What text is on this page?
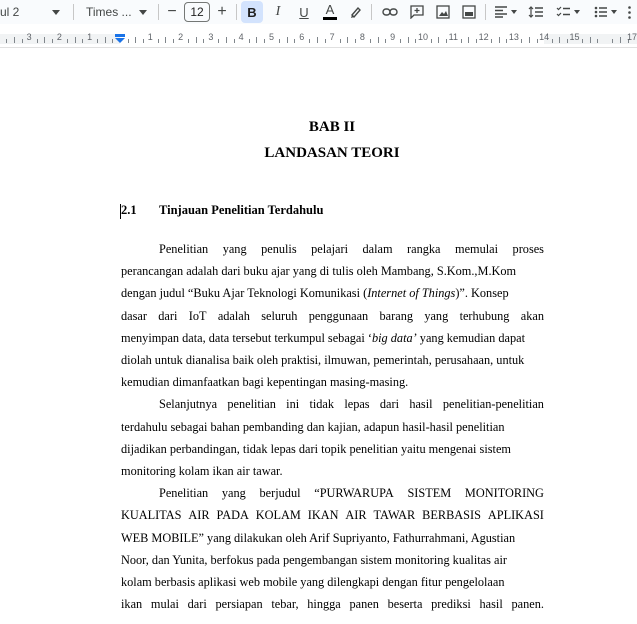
ul 2	Times ... −	12 + B I U A
3	2	1	1	2	3	4	5	6	7	8	9	10 11 12 13 14 15	17
BAB II
LANDASAN TEORI
2.1 Tinjauan Penelitian Terdahulu
Penelitian yang penulis pelajari dalam rangka memulai proses
perancangan adalah dari buku ajar yang di tulis oleh Mambang, S.Kom.,M.Kom
dengan judul “Buku Ajar Teknologi Komunikasi ( Internet of Things )”. Konsep
dasar dari IoT adalah seluruh penggunaan barang yang terhubung akan
menyimpan data, data tersebut terkumpul sebagai ‘ big data’ yang kemudian dapat
diolah untuk dianalisa baik oleh praktisi, ilmuwan, pemerintah, perusahaan, untuk
kemudian dimanfaatkan bagi kepentingan masing-masing.
Selanjutnya penelitian ini tidak lepas dari hasil penelitian-penelitian
terdahulu sebagai bahan pembanding dan kajian, adapun hasil-hasil penelitian
dijadikan perbandingan, tidak lepas dari topik penelitian yaitu mengenai sistem
monitoring kolam ikan air tawar.
Penelitian yang berjudul “PURWARUPA SISTEM MONITORING
KUALITAS AIR PADA KOLAM IKAN AIR TAWAR BERBASIS APLIKASI
WEB MOBILE” yang dilakukan oleh Arif Supriyanto, Fathurrahmani, Agustian
Noor, dan Yunita, berfokus pada pengembangan sistem monitoring kualitas air
kolam berbasis aplikasi web mobile yang dilengkapi dengan fitur pengelolaan
ikan mulai dari persiapan tebar, hingga panen beserta prediksi hasil panen.
